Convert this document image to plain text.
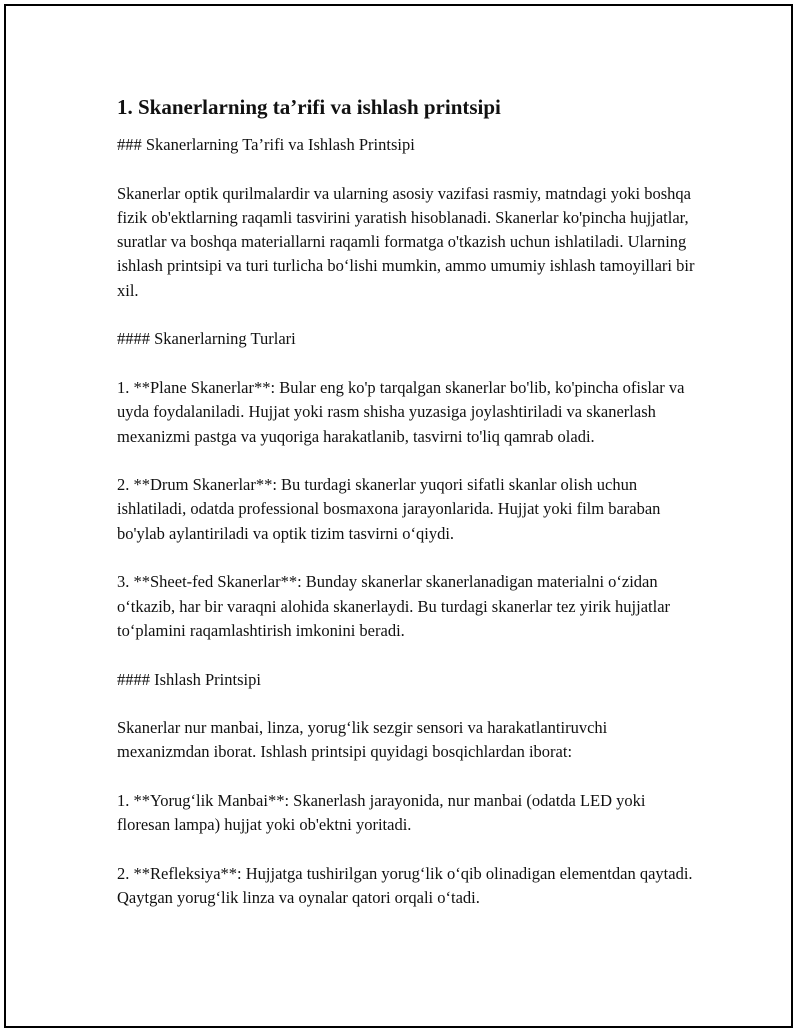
1. Skanerlarning ta’rifi va ishlash printsipi

### Skanerlarning Ta’rifi va Ishlash Printsipi

Skanerlar optik qurilmalardir va ularning asosiy vazifasi rasmiy, matndagi yoki boshqa fizik ob'ektlarning raqamli tasvirini yaratish hisoblanadi. Skanerlar ko'pincha hujjatlar, suratlar va boshqa materiallarni raqamli formatga o'tkazish uchun ishlatiladi. Ularning ishlash printsipi va turi turlicha bo‘lishi mumkin, ammo umumiy ishlash tamoyillari bir xil.

#### Skanerlarning Turlari

1. **Plane Skanerlar**: Bular eng ko'p tarqalgan skanerlar bo'lib, ko'pincha ofislar va uyda foydalaniladi. Hujjat yoki rasm shisha yuzasiga joylashtiriladi va skanerlash mexanizmi pastga va yuqoriga harakatlanib, tasvirni to'liq qamrab oladi.

2. **Drum Skanerlar**: Bu turdagi skanerlar yuqori sifatli skanlar olish uchun ishlatiladi, odatda professional bosmaxona jarayonlarida. Hujjat yoki film baraban bo'ylab aylantiriladi va optik tizim tasvirni o‘qiydi.

3. **Sheet-fed Skanerlar**: Bunday skanerlar skanerlanadigan materialni o‘zidan o‘tkazib, har bir varaqni alohida skanerlaydi. Bu turdagi skanerlar tez yirik hujjatlar to‘plamini raqamlashtirish imkonini beradi.

#### Ishlash Printsipi

Skanerlar nur manbai, linza, yorug‘lik sezgir sensori va harakatlantiruvchi mexanizmdan iborat. Ishlash printsipi quyidagi bosqichlardan iborat:

1. **Yorug‘lik Manbai**: Skanerlash jarayonida, nur manbai (odatda LED yoki floresan lampa) hujjat yoki ob'ektni yoritadi.

2. **Refleksiya**: Hujjatga tushirilgan yorug‘lik o‘qib olinadigan elementdan qaytadi. Qaytgan yorug‘lik linza va oynalar qatori orqali o‘tadi.
